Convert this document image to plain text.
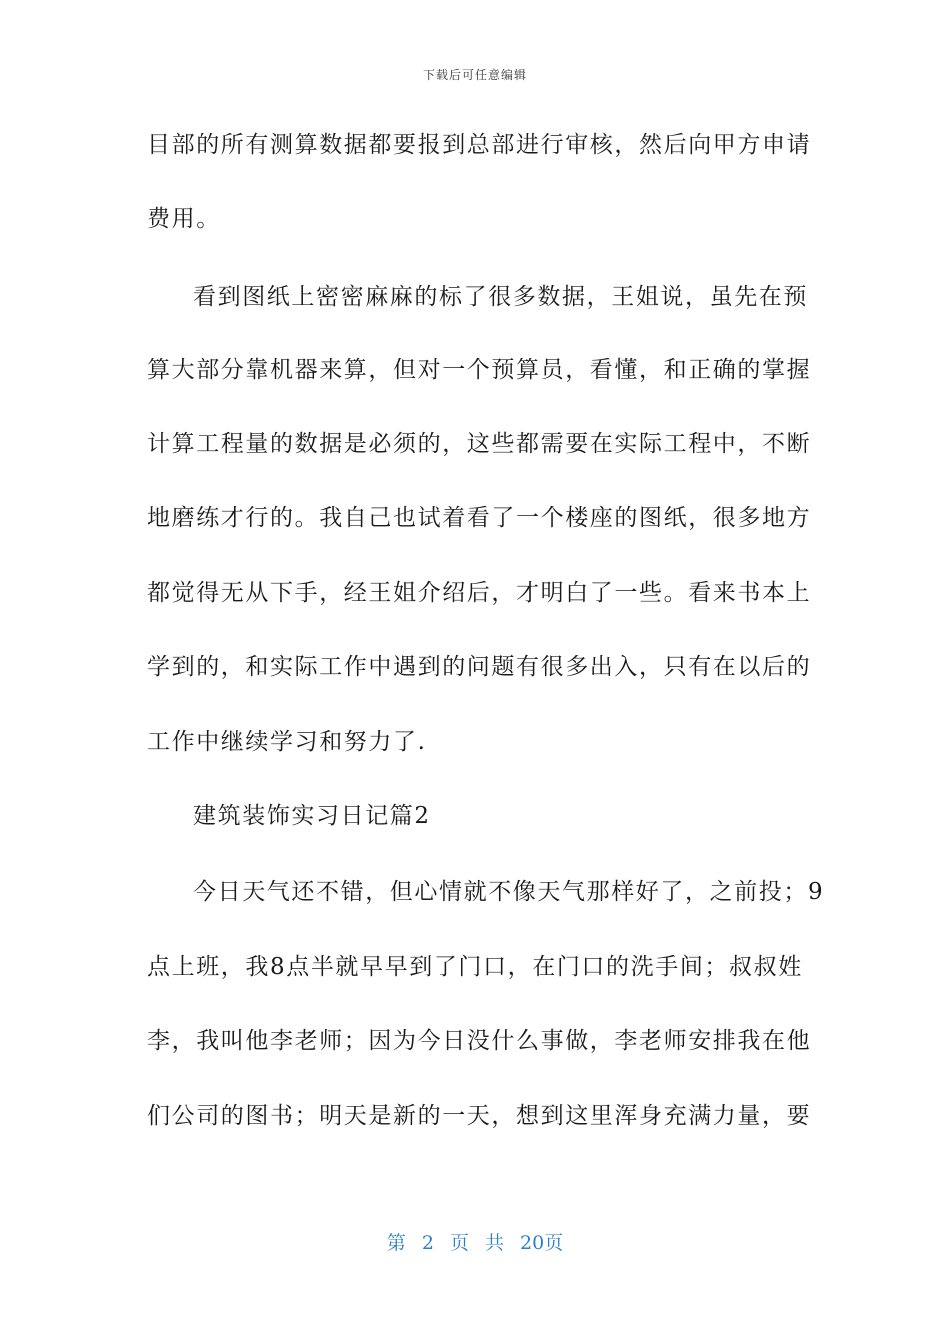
下载后可任意编辑
目部的所有测算数据都要报到总部进行审核，然后向甲方申请
费用。
看到图纸上密密麻麻的标了很多数据，王姐说，虽先在预
算大部分靠机器来算，但对一个预算员，看懂，和正确的掌握
计算工程量的数据是必须的，这些都需要在实际工程中，不断
地磨练才行的。我自己也试着看了一个楼座的图纸，很多地方
都觉得无从下手，经王姐介绍后，才明白了一些。看来书本上
学到的，和实际工作中遇到的问题有很多出入，只有在以后的
工作中继续学习和努力了.
建筑装饰实习日记篇2
今日天气还不错，但心情就不像天气那样好了，之前投；9
点上班，我8点半就早早到了门口，在门口的洗手间；叔叔姓
李，我叫他李老师；因为今日没什么事做，李老师安排我在他
们公司的图书；明天是新的一天，想到这里浑身充满力量，要
第 2 页 共 20页
